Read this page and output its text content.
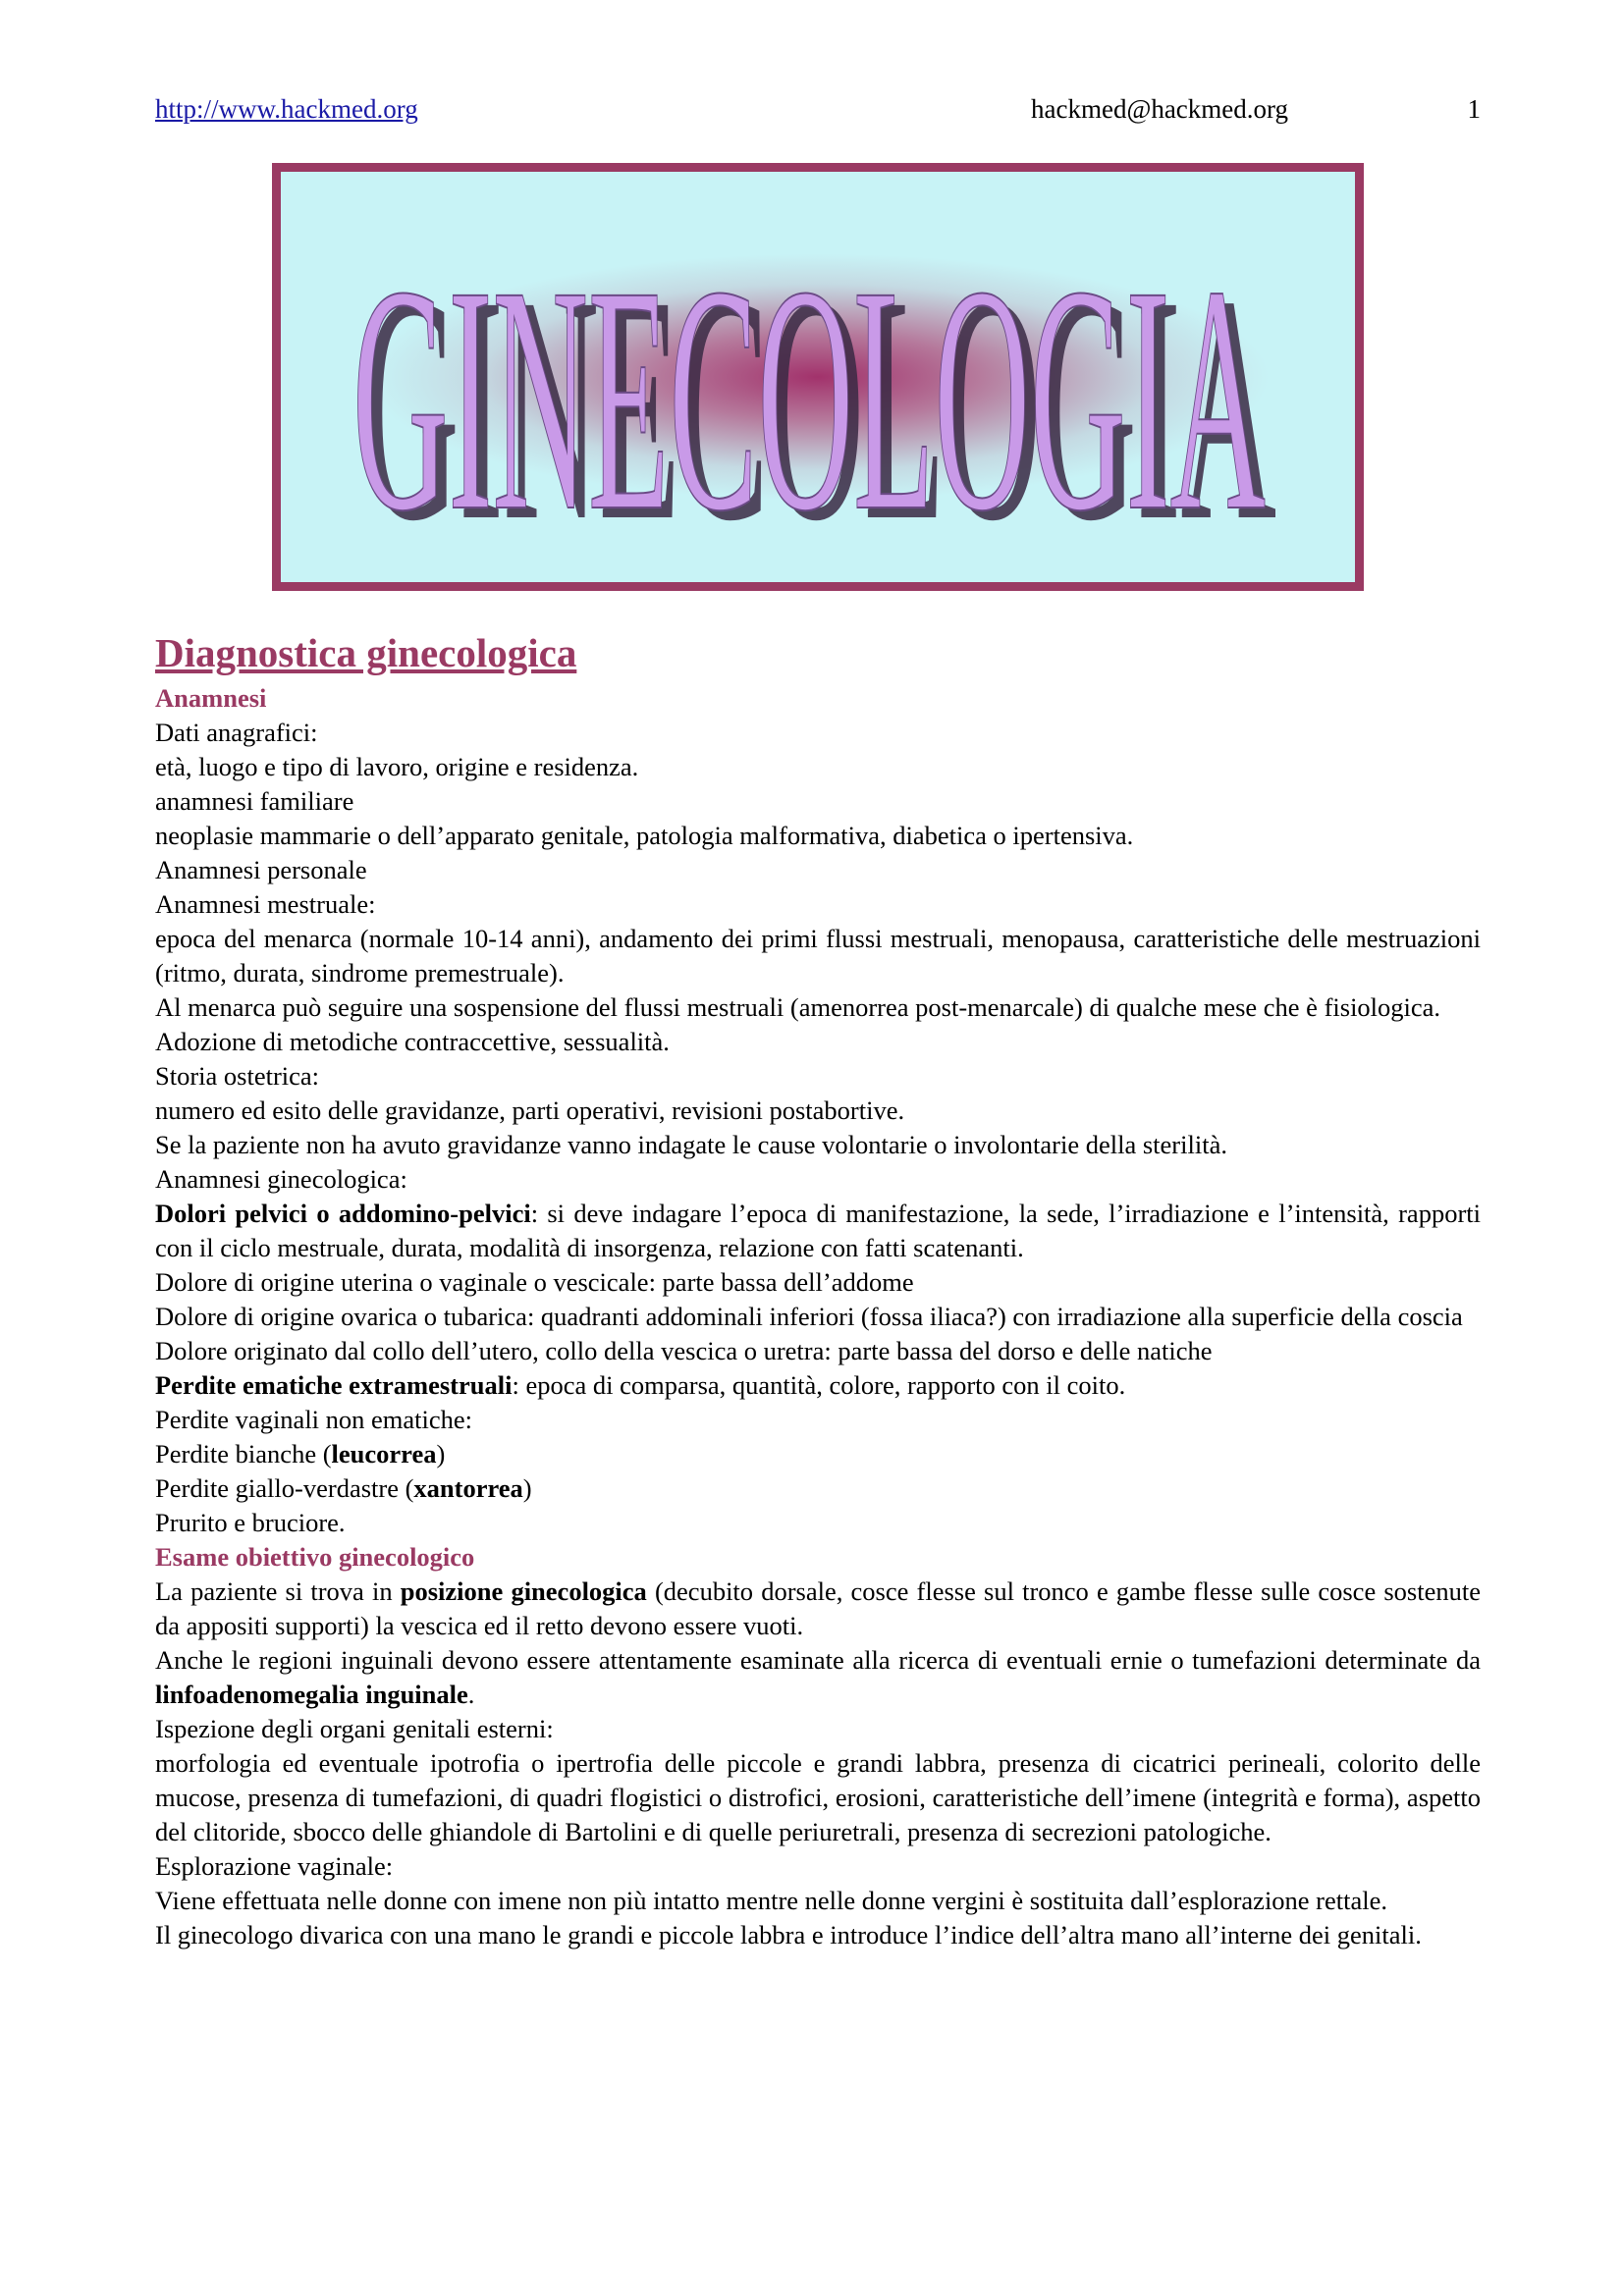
http://www.hackmed.org	hackmed@hackmed.org	1
GINECOLOGIA
GINECOLOGIA
Diagnostica ginecologica
Anamnesi

Dati anagrafici:

età, luogo e tipo di lavoro, origine e residenza.

anamnesi familiare

neoplasie mammarie o dell’apparato genitale, patologia malformativa, diabetica o ipertensiva.

Anamnesi personale

Anamnesi mestruale:

epoca del menarca (normale 10-14 anni), andamento dei primi flussi mestruali, menopausa, caratteristiche delle mestruazioni (ritmo, durata, sindrome premestruale).

Al menarca può seguire una sospensione del flussi mestruali (amenorrea post-menarcale) di qualche mese che è fisiologica.

Adozione di metodiche contraccettive, sessualità.

Storia ostetrica:

numero ed esito delle gravidanze, parti operativi, revisioni postabortive.

Se la paziente non ha avuto gravidanze vanno indagate le cause volontarie o involontarie della sterilità.

Anamnesi ginecologica:

Dolori pelvici o addomino-pelvici: si deve indagare l’epoca di manifestazione, la sede, l’irradiazione e l’intensità, rapporti con il ciclo mestruale, durata, modalità di insorgenza, relazione con fatti scatenanti.

Dolore di origine uterina o vaginale o vescicale: parte bassa dell’addome

Dolore di origine ovarica o tubarica: quadranti addominali inferiori (fossa iliaca?) con irradiazione alla superficie della coscia

Dolore originato dal collo dell’utero, collo della vescica o uretra: parte bassa del dorso e delle natiche

Perdite ematiche extramestruali: epoca di comparsa, quantità, colore, rapporto con il coito.

Perdite vaginali non ematiche:

Perdite bianche (leucorrea)

Perdite giallo-verdastre (xantorrea)

Prurito e bruciore.

Esame obiettivo ginecologico

La paziente si trova in posizione ginecologica (decubito dorsale, cosce flesse sul tronco e gambe flesse sulle cosce sostenute da appositi supporti) la vescica ed il retto devono essere vuoti.

Anche le regioni inguinali devono essere attentamente esaminate alla ricerca di eventuali ernie o tumefazioni determinate da linfoadenomegalia inguinale.

Ispezione degli organi genitali esterni:

morfologia ed eventuale ipotrofia o ipertrofia delle piccole e grandi labbra, presenza di cicatrici perineali, colorito delle mucose, presenza di tumefazioni, di quadri flogistici o distrofici, erosioni, caratteristiche dell’imene (integrità e forma), aspetto del clitoride, sbocco delle ghiandole di Bartolini e di quelle periuretrali, presenza di secrezioni patologiche.

Esplorazione vaginale:

Viene effettuata nelle donne con imene non più intatto mentre nelle donne vergini è sostituita dall’esplorazione rettale.

Il ginecologo divarica con una mano le grandi e piccole labbra e introduce l’indice dell’altra mano all’interne dei genitali.
